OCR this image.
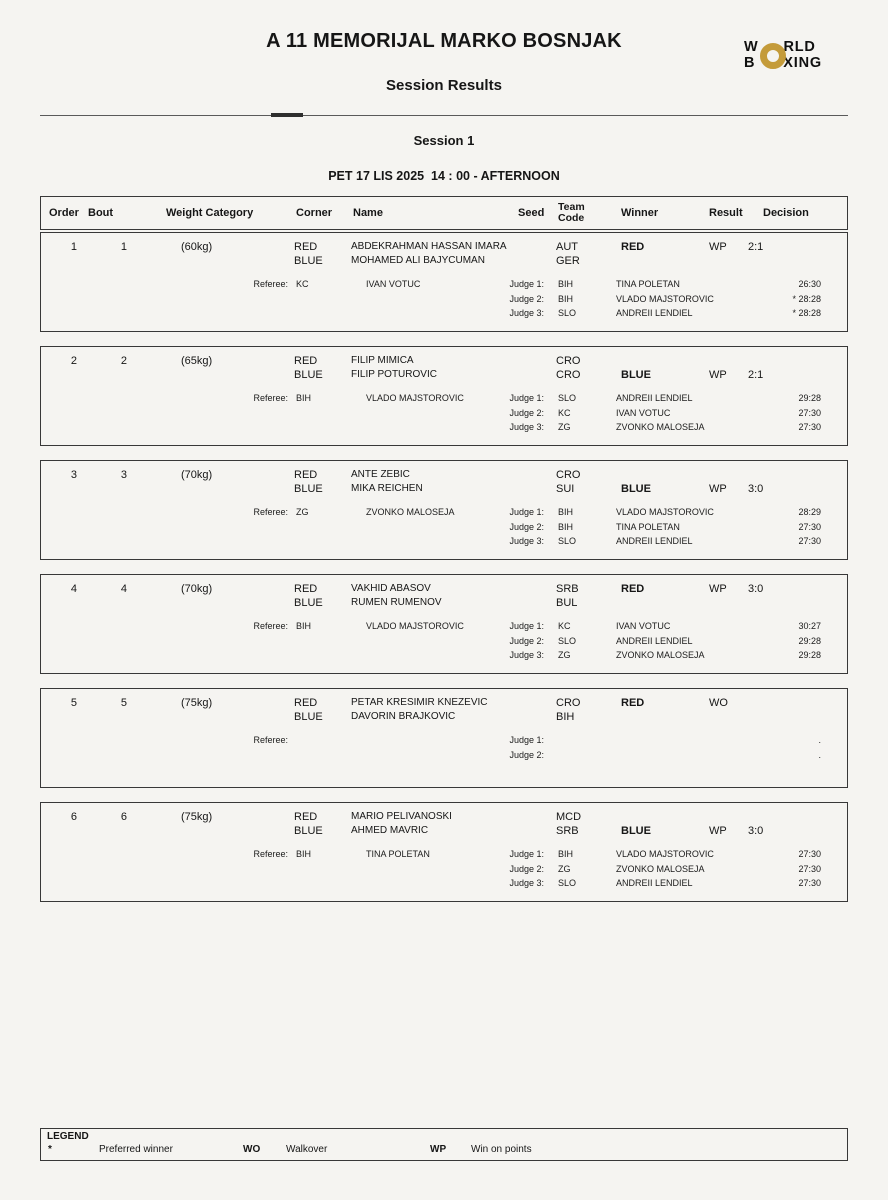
A 11 MEMORIJAL MARKO BOSNJAK	W RLD
B XING
Session Results
Session 1
PET 17 LIS 2025  14 : 00 - AFTERNOON
Order Bout	Weight Category	Corner	Name	Seed	Team
Code	Winner	Result	Decision
1	1	(60kg)	RED	ABDEKRAHMAN HASSAN IMARA	AUT	RED	WP	2:1
BLUE	MOHAMED ALI BAJYCUMAN	GER
Referee: KC	IVAN VOTUC	Judge 1:	BIH	TINA POLETAN	26:30
Judge 2:	BIH	VLADO MAJSTOROVIC	* 28:28
Judge 3:	SLO	ANDREII LENDIEL	* 28:28
2	2	(65kg)	RED	FILIP MIMICA	CRO
BLUE	FILIP POTUROVIC	CRO	BLUE	WP	2:1
Referee: BIH	VLADO MAJSTOROVIC	Judge 1:	SLO	ANDREII LENDIEL	29:28
Judge 2:	KC	IVAN VOTUC	27:30
Judge 3:	ZG	ZVONKO MALOSEJA	27:30
3	3	(70kg)	RED	ANTE ZEBIC	CRO
BLUE	MIKA REICHEN	SUI	BLUE	WP	3:0
Referee: ZG	ZVONKO MALOSEJA	Judge 1:	BIH	VLADO MAJSTOROVIC	28:29
Judge 2:	BIH	TINA POLETAN	27:30
Judge 3:	SLO	ANDREII LENDIEL	27:30
4	4	(70kg)	RED	VAKHID ABASOV	SRB	RED	WP	3:0
BLUE	RUMEN RUMENOV	BUL
Referee: BIH	VLADO MAJSTOROVIC	Judge 1:	KC	IVAN VOTUC	30:27
Judge 2:	SLO	ANDREII LENDIEL	29:28
Judge 3:	ZG	ZVONKO MALOSEJA	29:28
5	5	(75kg)	RED	PETAR KRESIMIR KNEZEVIC	CRO	RED	WO
BLUE	DAVORIN BRAJKOVIC	BIH
Referee:	Judge 1:	.
Judge 2:	.
6	6	(75kg)	RED	MARIO PELIVANOSKI	MCD
BLUE	AHMED MAVRIC	SRB	BLUE	WP	3:0
Referee: BIH	TINA POLETAN	Judge 1:	BIH	VLADO MAJSTOROVIC	27:30
Judge 2:	ZG	ZVONKO MALOSEJA	27:30
Judge 3:	SLO	ANDREII LENDIEL	27:30
LEGEND
*	Preferred winner	WO	Walkover	WP	Win on points
